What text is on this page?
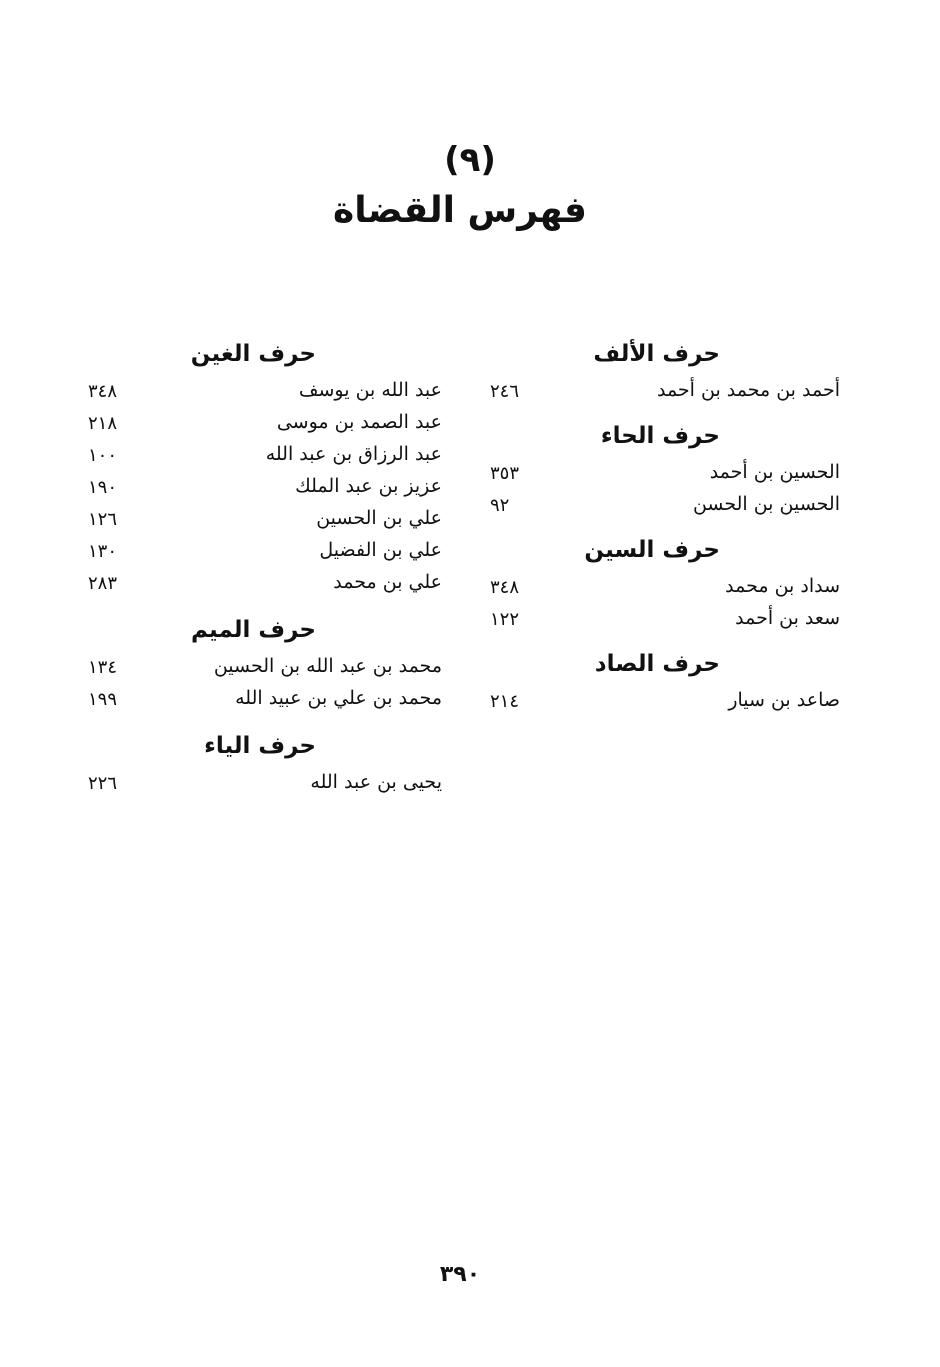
(٩)
فهرس القضاة
حرف الألف
أحمد بن محمد بن أحمد
٢٤٦
حرف الحاء
الحسين بن أحمد
٣٥٣
الحسين بن الحسن
٩٢
حرف السين
سداد بن محمد
٣٤٨
سعد بن أحمد
١٢٢
حرف الصاد
صاعد بن سيار
٢١٤
حرف الغين
عبد الله بن يوسف
٣٤٨
عبد الصمد بن موسى
٢١٨
عبد الرزاق بن عبد الله
١٠٠
عزيز بن عبد الملك
١٩٠
علي بن الحسين
١٢٦
علي بن الفضيل
١٣٠
علي بن محمد
٢٨٣
حرف الميم
محمد بن عبد الله بن الحسين
١٣٤
محمد بن علي بن عبيد الله
١٩٩
حرف الياء
يحيى بن عبد الله
٢٢٦
٣٩٠
